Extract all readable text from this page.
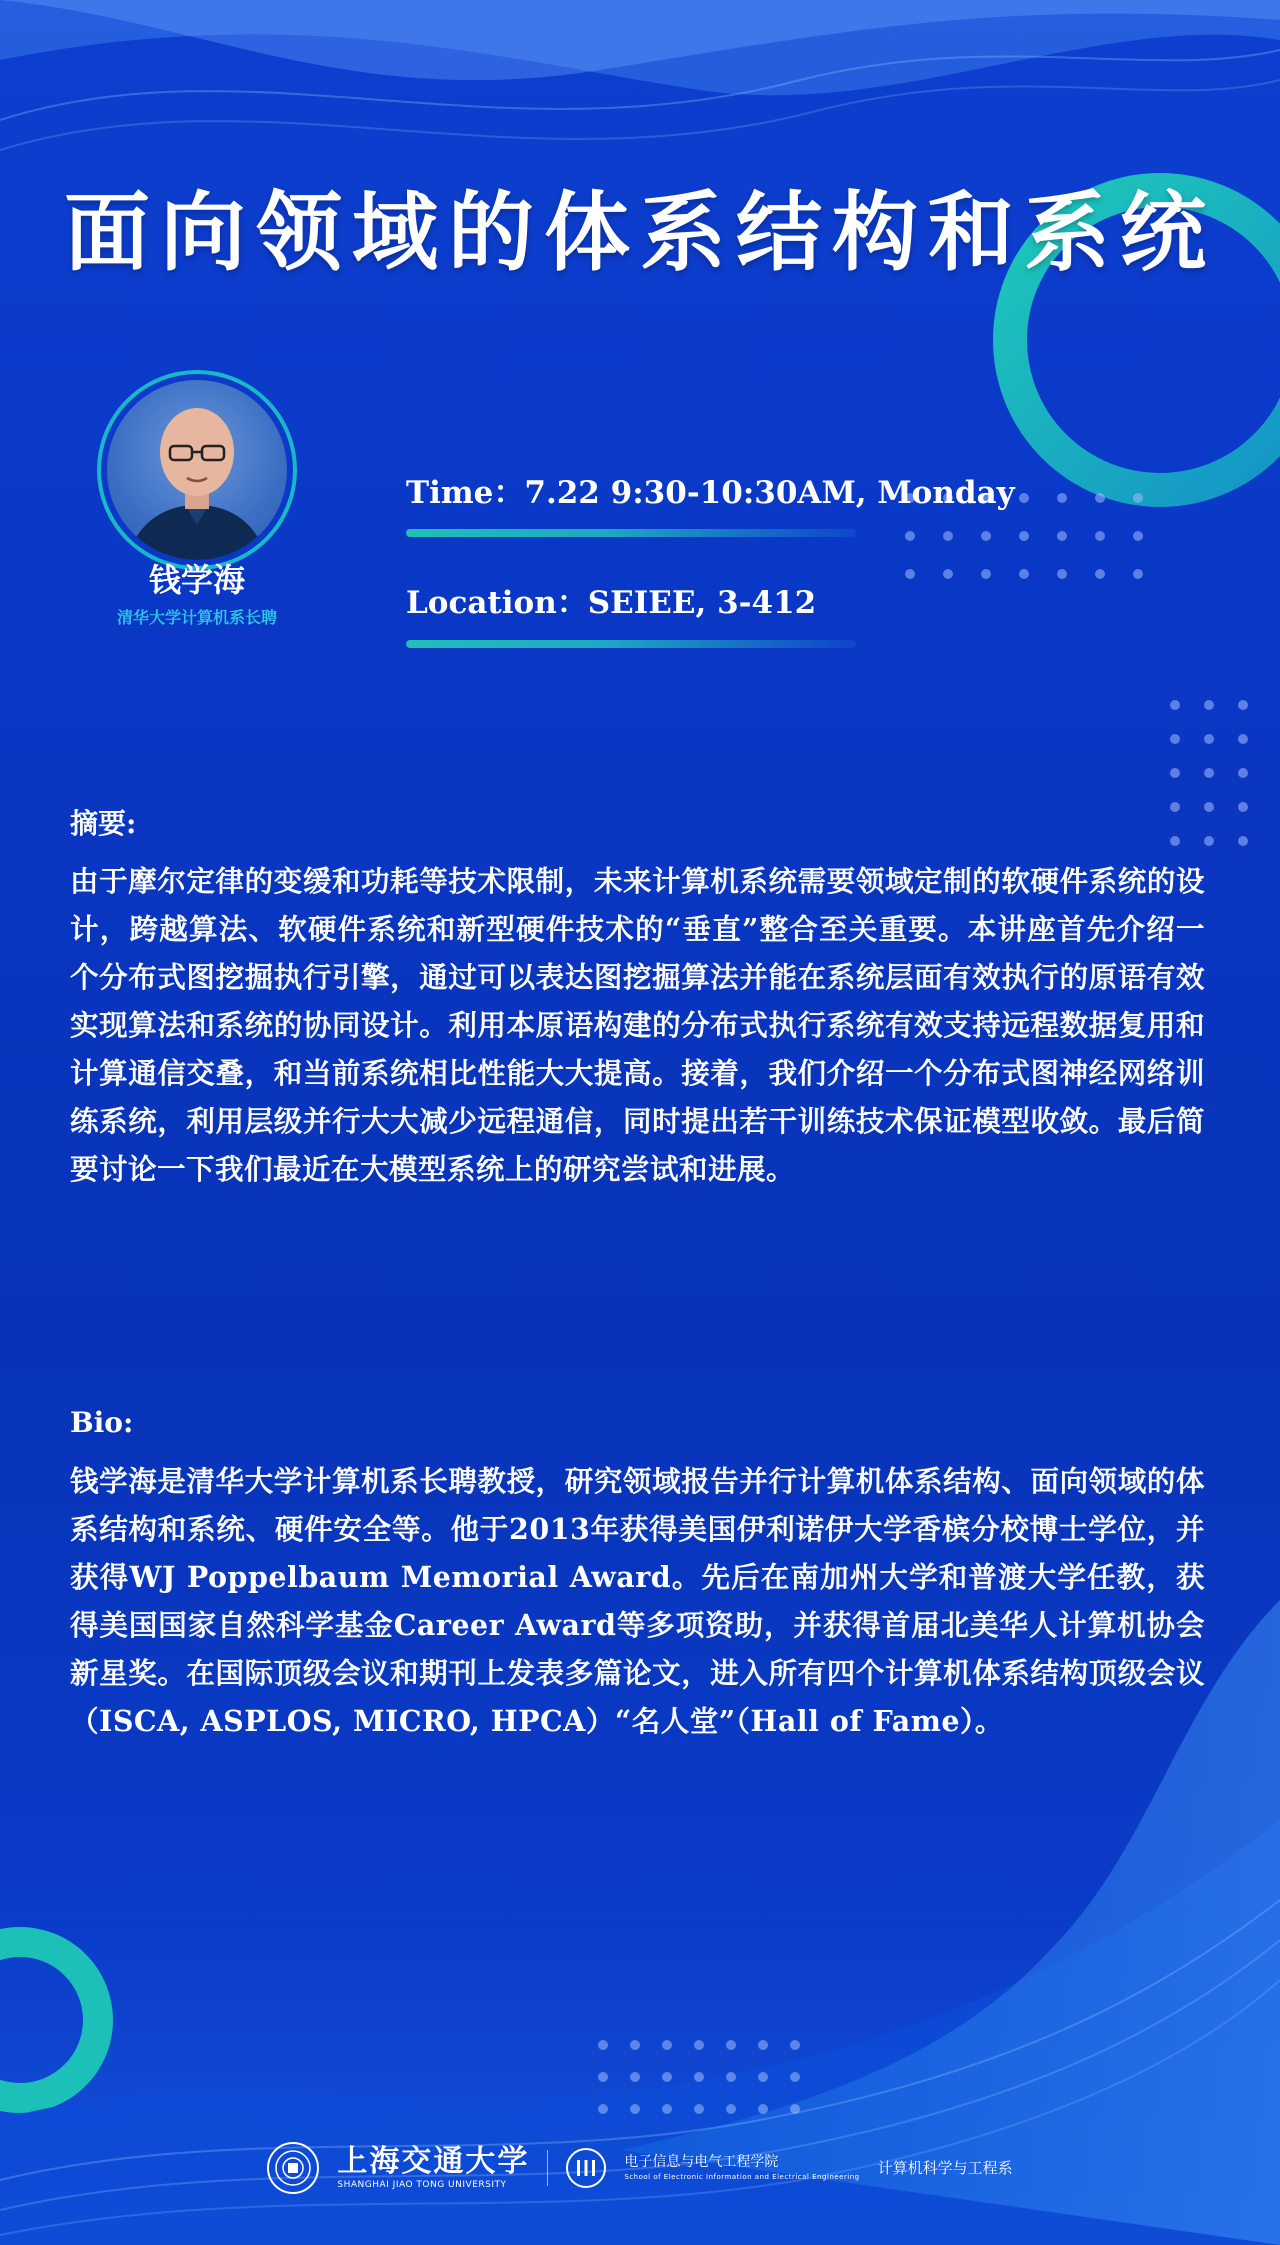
面向领域的体系结构和系统
钱学海
清华大学计算机系长聘
Time：7.22 9:30-10:30AM, Monday
Location：SEIEE, 3-412
摘要:
由于摩尔定律的变缓和功耗等技术限制，未来计算机系统需要领域定制的软硬件系统的设计，跨越算法、软硬件系统和新型硬件技术的“垂直”整合至关重要。本讲座首先介绍一个分布式图挖掘执行引擎，通过可以表达图挖掘算法并能在系统层面有效执行的原语有效实现算法和系统的协同设计。利用本原语构建的分布式执行系统有效支持远程数据复用和计算通信交叠，和当前系统相比性能大大提高。接着，我们介绍一个分布式图神经网络训练系统，利用层级并行大大减少远程通信，同时提出若干训练技术保证模型收敛。最后简要讨论一下我们最近在大模型系统上的研究尝试和进展。
Bio:
钱学海是清华大学计算机系长聘教授，研究领域报告并行计算机体系结构、面向领域的体系结构和系统、硬件安全等。他于2013年获得美国伊利诺伊大学香槟分校博士学位，并获得WJ Poppelbaum Memorial Award。先后在南加州大学和普渡大学任教，获得美国国家自然科学基金Career Award等多项资助，并获得首届北美华人计算机协会新星奖。在国际顶级会议和期刊上发表多篇论文，进入所有四个计算机体系结构顶级会议（ISCA, ASPLOS, MICRO, HPCA）“名人堂”（Hall of Fame）。
上海交通大学
SHANGHAI JIAO TONG UNIVERSITY
电子信息与电气工程学院
School of Electronic Information and Electrical Engineering 计算机科学与工程系
